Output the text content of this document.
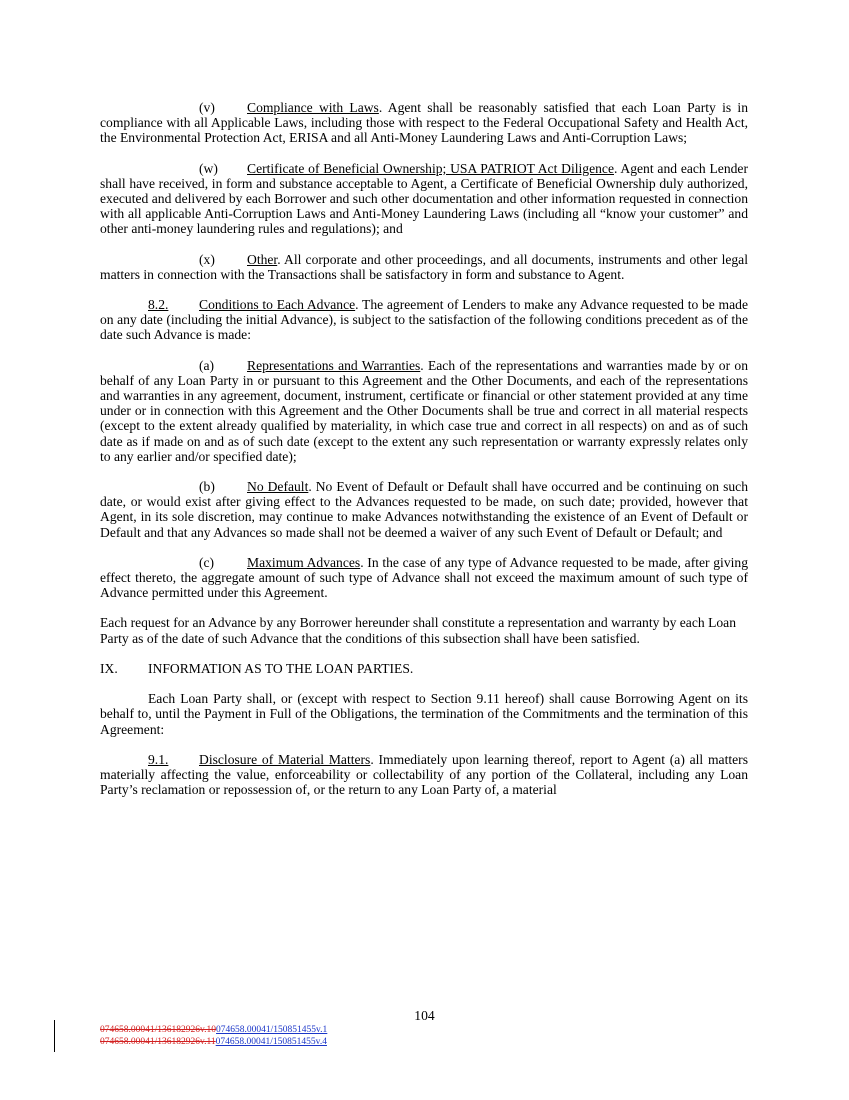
(v) Compliance with Laws. Agent shall be reasonably satisfied that each Loan Party is in compliance with all Applicable Laws, including those with respect to the Federal Occupational Safety and Health Act, the Environmental Protection Act, ERISA and all Anti-Money Laundering Laws and Anti-Corruption Laws;

(w) Certificate of Beneficial Ownership; USA PATRIOT Act Diligence. Agent and each Lender shall have received, in form and substance acceptable to Agent, a Certificate of Beneficial Ownership duly authorized, executed and delivered by each Borrower and such other documentation and other information requested in connection with all applicable Anti-Corruption Laws and Anti-Money Laundering Laws (including all “know your customer” and other anti-money laundering rules and regulations); and

(x) Other. All corporate and other proceedings, and all documents, instruments and other legal matters in connection with the Transactions shall be satisfactory in form and substance to Agent.

8.2. Conditions to Each Advance. The agreement of Lenders to make any Advance requested to be made on any date (including the initial Advance), is subject to the satisfaction of the following conditions precedent as of the date such Advance is made:

(a) Representations and Warranties. Each of the representations and warranties made by or on behalf of any Loan Party in or pursuant to this Agreement and the Other Documents, and each of the representations and warranties in any agreement, document, instrument, certificate or financial or other statement provided at any time under or in connection with this Agreement and the Other Documents shall be true and correct in all material respects (except to the extent already qualified by materiality, in which case true and correct in all respects) on and as of such date as if made on and as of such date (except to the extent any such representation or warranty expressly relates only to any earlier and/or specified date);

(b) No Default. No Event of Default or Default shall have occurred and be continuing on such date, or would exist after giving effect to the Advances requested to be made, on such date; provided, however that Agent, in its sole discretion, may continue to make Advances notwithstanding the existence of an Event of Default or Default and that any Advances so made shall not be deemed a waiver of any such Event of Default or Default; and

(c) Maximum Advances. In the case of any type of Advance requested to be made, after giving effect thereto, the aggregate amount of such type of Advance shall not exceed the maximum amount of such type of Advance permitted under this Agreement.

Each request for an Advance by any Borrower hereunder shall constitute a representation and warranty by each Loan Party as of the date of such Advance that the conditions of this subsection shall have been satisfied.

IX.	INFORMATION AS TO THE LOAN PARTIES.

Each Loan Party shall, or (except with respect to Section 9.11 hereof) shall cause Borrowing Agent on its behalf to, until the Payment in Full of the Obligations, the termination of the Commitments and the termination of this Agreement:

9.1. Disclosure of Material Matters. Immediately upon learning thereof, report to Agent (a) all matters materially affecting the value, enforceability or collectability of any portion of the Collateral, including any Loan Party’s reclamation or repossession of, or the return to any Loan Party of, a material

104
074658.00041/136182926v.10074658.00041/150851455v.1
074658.00041/136182926v.11074658.00041/150851455v.4
